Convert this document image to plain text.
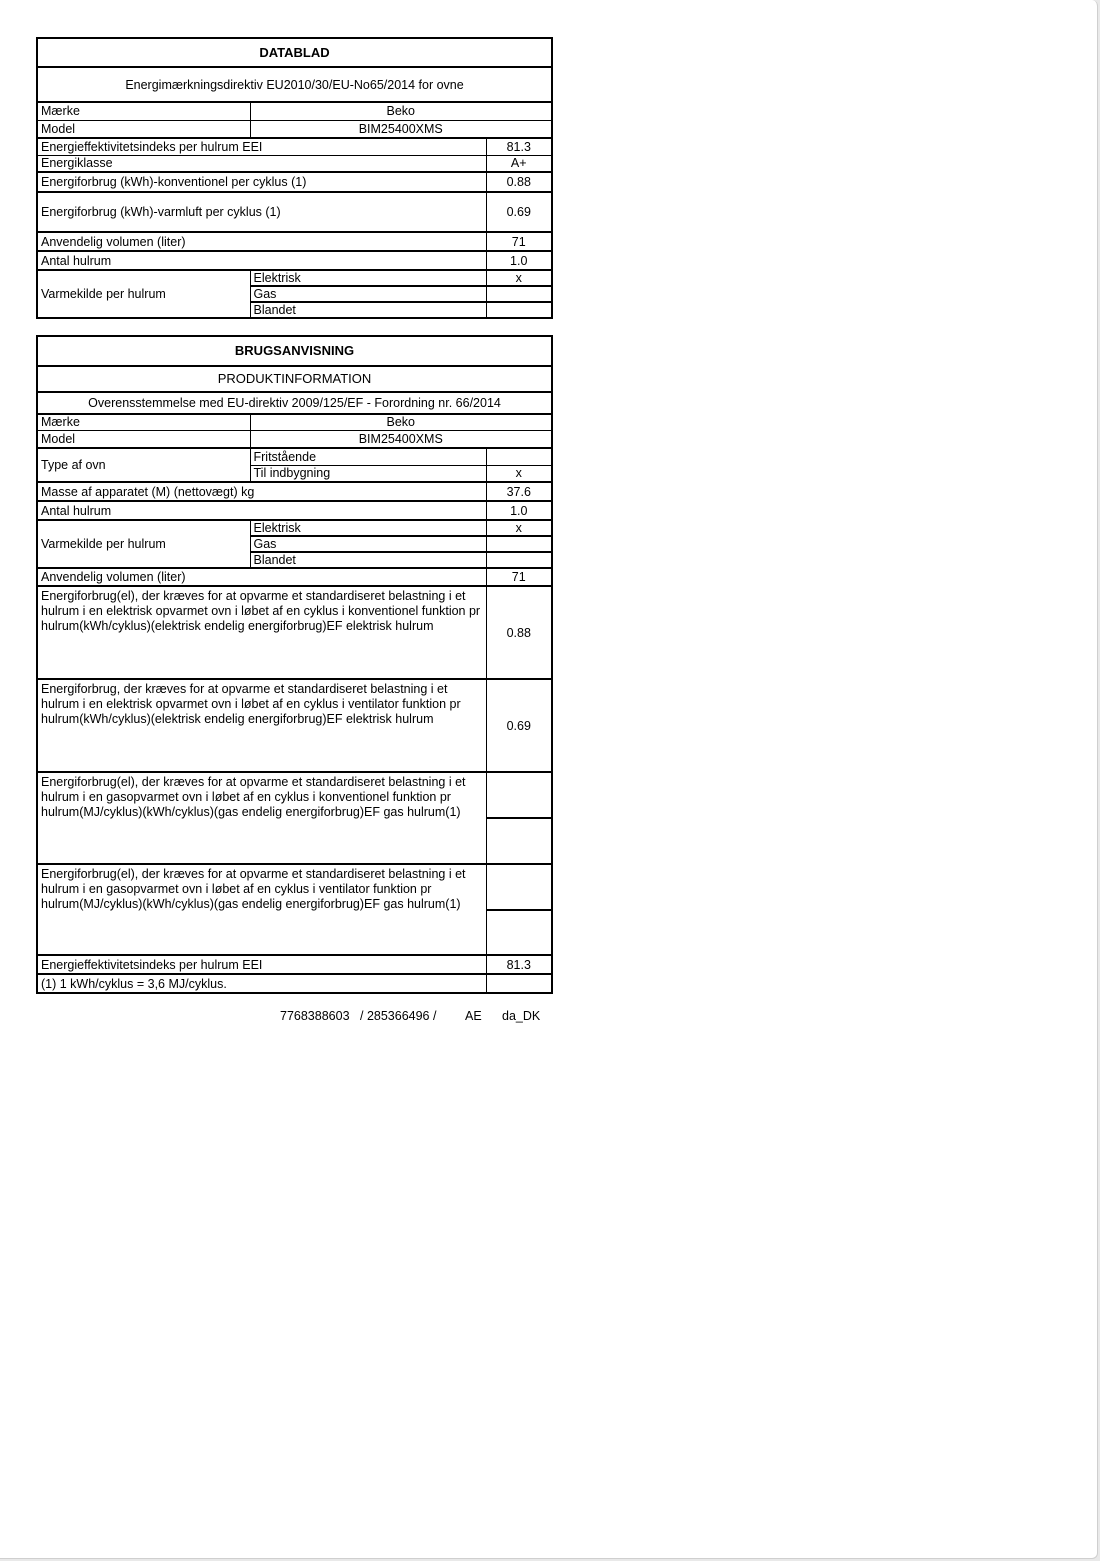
DATABLAD		
Energimærkningsdirektiv EU2010/30/EU-No65/2014 for ovne		
Mærke	Beko	
Model	BIM25400XMS	
Energieffektivitetsindeks per hulrum EEI		81.3
Energiklasse		A+
Energiforbrug (kWh)-konventionel per cyklus (1)		0.88
Energiforbrug (kWh)-varmluft per cyklus (1)		0.69
Anvendelig volumen (liter)		71
Antal hulrum		1.0
Varmekilde per hulrum	Elektrisk	x
	Gas	
	Blandet	
BRUGSANVISNING		
PRODUKTINFORMATION		
Overensstemmelse med EU-direktiv 2009/125/EF - Forordning nr. 66/2014		
Mærke	Beko	
Model	BIM25400XMS	
Type af ovn	Fritstående	
	Til indbygning	x
Masse af apparatet (M) (nettovægt) kg		37.6
Antal hulrum		1.0
Varmekilde per hulrum	Elektrisk	x
	Gas	
	Blandet	
Anvendelig volumen (liter)		71
Energiforbrug(el), der kræves for at opvarme et standardiseret belastning i et hulrum i en elektrisk opvarmet ovn i løbet af en cyklus i konventionel funktion pr hulrum(kWh/cyklus)(elektrisk endelig energiforbrug)EF elektrisk hulrum		0.88
Energiforbrug, der kræves for at opvarme et standardiseret belastning i et hulrum i en elektrisk opvarmet ovn i løbet af en cyklus i ventilator funktion pr hulrum(kWh/cyklus)(elektrisk endelig energiforbrug)EF elektrisk hulrum		0.69
Energiforbrug(el), der kræves for at opvarme et standardiseret belastning i et hulrum i en gasopvarmet ovn i løbet af en cyklus i konventionel funktion pr hulrum(MJ/cyklus)(kWh/cyklus)(gas endelig energiforbrug)EF gas hulrum(1)		

Energiforbrug(el), der kræves for at opvarme et standardiseret belastning i et hulrum i en gasopvarmet ovn i løbet af en cyklus i ventilator funktion pr hulrum(MJ/cyklus)(kWh/cyklus)(gas endelig energiforbrug)EF gas hulrum(1)		

Energieffektivitetsindeks per hulrum EEI		81.3
(1) 1 kWh/cyklus = 3,6 MJ/cyklus.		
7768388603 / 285366496 / AE da_DK
